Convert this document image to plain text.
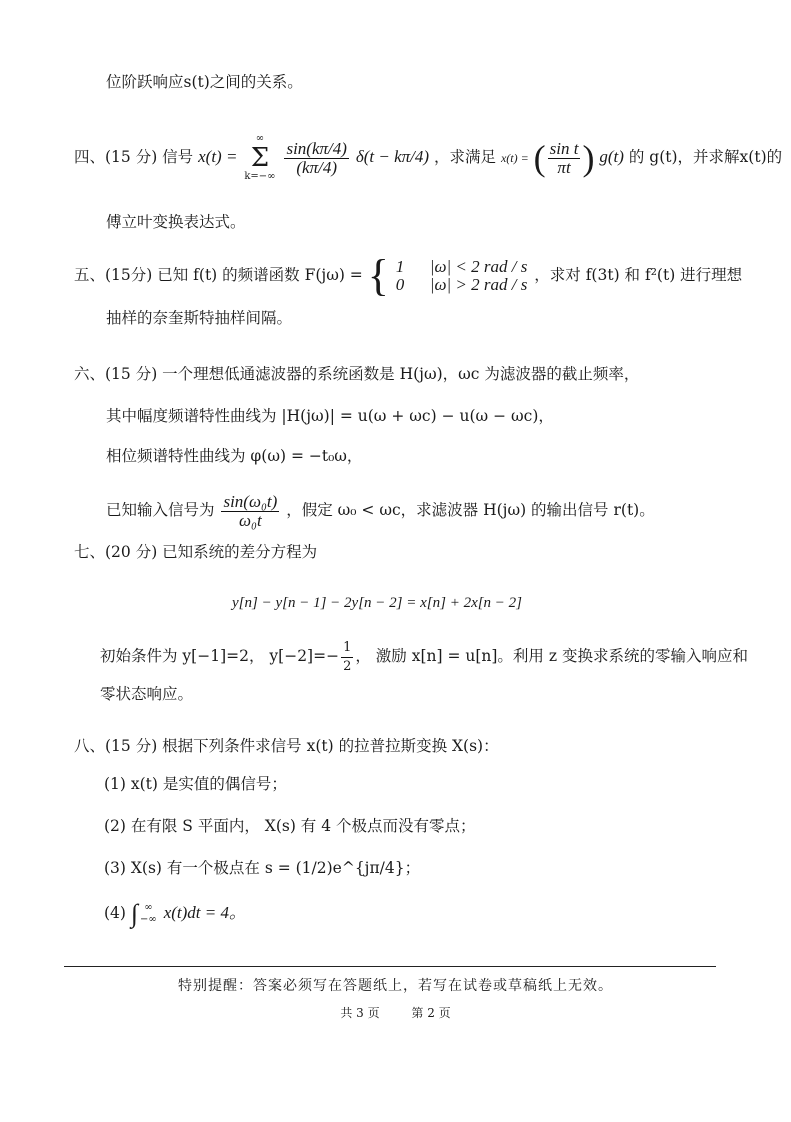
位阶跃响应s(t)之间的关系。
四、(15 分) 信号 x(t) =
∞
Σ
k=−∞
$\frac{\sin(k\pi/4)}{(k\pi/4)} \delta(t - k\pi/4)$ ，求满足 x(t) = ( $\frac{\text{sin t}}{\pi t}$ ) g(t) 的 g(t)，并求解x(t)的
傅立叶变换表达式。
五、(15分) 已知 f(t) 的频谱函数 F(jω) = { 1      |ω| < 2 rad / s
0      |ω| > 2 rad / s ，求对 f(3t) 和 f²(t) 进行理想
抽样的奈奎斯特抽样间隔。
六、(15 分) 一个理想低通滤波器的系统函数是 H(jω)，ωc 为滤波器的截止频率，
其中幅度频谱特性曲线为 |H(jω)| = u(ω + ωc) − u(ω − ωc)，
相位频谱特性曲线为 φ(ω) = −t₀ω，
已知输入信号为 $\frac{\text{sin(ω₀t)}}{\text{ω₀t}}$ ，假定 ω₀ < ωc，求滤波器 H(jω) 的输出信号 r(t)。
七、(20 分) 已知系统的差分方程为
y[n] − y[n − 1] − 2y[n − 2] = x[n] + 2x[n − 2]
初始条件为 y[−1]=2， $y[-2]=- \frac{1}{2}$ ， 激励 x[n] = u[n]。利用 z 变换求系统的零输入响应和
零状态响应。
八、(15 分) 根据下列条件求信号 x(t) 的拉普拉斯变换 X(s)：
(1) x(t) 是实值的偶信号；
(2) 在有限 S 平面内， X(s) 有 4 个极点而没有零点；
(3) X(s) 有一个极点在 s = (1/2)e^{jπ/4}；
(4) ∫ ∞
−∞ x(t)dt = 4。
特别提醒：答案必须写在答题纸上，若写在试卷或草稿纸上无效。
共 3 页	第 2 页
